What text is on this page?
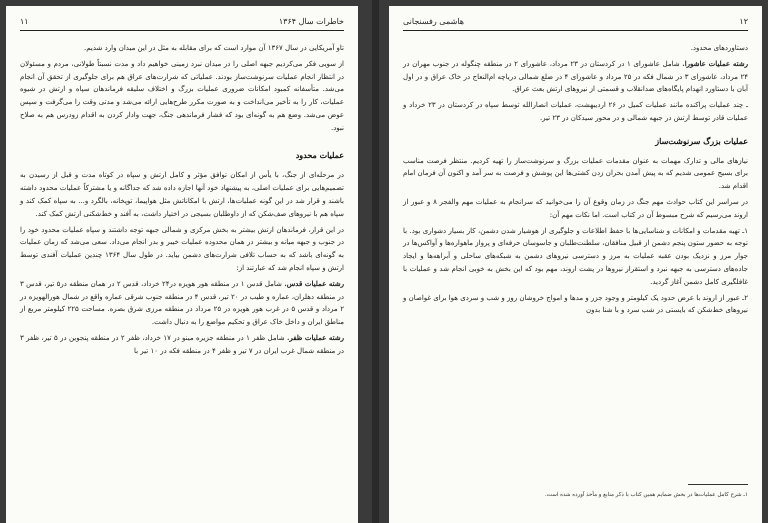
۱۱	خاطرات سال ۱۳۶۴

تاو آمریکایی در سال ۱۳۶۷ آن موارد است که برای مقابله به مثل در این میدان وارد شدیم.

از سویی فکر می‌کردیم جبهه اصلی را در میدان نبرد زمینی خواهیم داد و مدت نسبتاً طولانی، مردم و مسئولان در انتظار انجام عملیات سرنوشت‌ساز بودند. عملیاتی که شرارت‌های عراق هم برای جلوگیری از تحقق آن انجام می‌شد. متأسفانه کمبود امکانات ضروری عملیات بزرگ و اختلاف سلیقه فرماندهان سپاه و ارتش در شیوه عملیات، کار را به تأخیر می‌انداخت و به صورت مکرر طرح‌هایی ارائه می‌شد و مدتی وقت را می‌گرفت و سپس عوض می‌شد. وضع هم به گونه‌ای بود که فشار فرماندهی جنگ، جهت وادار کردن به اقدام زودرس هم به صلاح نبود.

عملیات محدود

در مرحله‌ای از جنگ، با یأس از امکان توافق مؤثر و کامل ارتش و سپاه در کوتاه مدت و قبل از رسیدن به تصمیم‌هایی برای عملیات اصلی، به پیشنهاد خود آنها اجازه داده شد که جداگانه و یا مشترکاً عملیات محدود داشته باشند و قرار شد در این گونه عملیات‌ها، ارتش با امکاناتش مثل هواپیما، توپخانه، بالگرد و... به سپاه کمک کند و سپاه هم با نیروهای صف‌شکن که از داوطلبان بسیجی در اختیار داشت، به آفند و خط‌شکنی ارتش کمک کند.

در این قرار، فرماندهان ارتش بیشتر به بخش مرکزی و شمالی جبهه توجه داشتند و سپاه عملیات محدود خود را در جنوب و جبهه میانه و بیشتر در همان محدوده عملیات خیبر و بدر انجام می‌داد. سعی می‌شد که زمان عملیات به گونه‌ای باشد که به حساب تلافی شرارت‌های دشمن بیاید. در طول سال ۱۳۶۴ چندین عملیات آفندی توسط ارتش و سپاه انجام شد که عبارتند از:

رشته عملیات قدس. شامل قدس ۱ در منطقه هور هویزه در۲۴ خرداد، قدس ۲ در همان منطقه در۵ تیر، قدس ۳ در منطقه دهلران، عماره و طیب در ۲۰ تیر، قدس ۴ در منطقه جنوب شرقی عماره واقع در شمال هورالهویزه در ۲ مرداد و قدس ۵ در غرب هور هویزه در ۲۵ مرداد در منطقه مرزی شرق بصره. مساحت ۲۲۵ کیلومتر مربع از مناطق ایران و داخل خاک عراق و تحکیم مواضع را به دنبال داشت.

رشته عملیات ظفر. شامل ظفر ۱ در منطقه جزیره مینو در ۱۷ خرداد، ظفر ۲ در منطقه پنجوین در ۵ تیر، ظفر ۳ در منطقه شمال غرب ایران در ۷ تیر و ظفر ۴ در منطقه فکه در ۱۰ تیر با

۱۲
هاشمی رفسنجانی

دستاوردهای محدود.

رشته عملیات عاشورا. شامل عاشورای ۱ در کردستان در ۲۳ مرداد، عاشورای ۲ در منطقه چنگوله در جنوب مهران در ۲۴ مرداد، عاشورای ۳ در شمال فکه در ۲۵ مرداد و عاشورای ۴ در ضلع شمالی دریاچه ام‌النعاج در خاک عراق و در اول آبان با دستاورد انهدام پایگاه‌های ضدانقلاب و قسمتی از نیروهای ارتش بعث عراق.

ـ چند عملیات پراکنده مانند عملیات کمیل در ۲۶ اردیبهشت، عملیات انصارالله توسط سپاه در کردستان در ۲۳ خرداد و عملیات قادر توسط ارتش در جبهه شمالی و در محور سیدکان در ۲۳ تیر.

عملیات بزرگ سرنوشت‌ساز

نیازهای مالی و تدارک مهمات به عنوان مقدمات عملیات بزرگ و سرنوشت‌ساز را تهیه کردیم. منتظر فرصت مناسب برای بسیج عمومی شدیم که به پیش آمدن بحران زدن کشتی‌ها این پوشش و فرصت به سر آمد و اکنون آن فرمان امام اقدام شد.

در سراسر این کتاب حوادث مهم جنگ در زمان وقوع آن را می‌خوانید که سرانجام به عملیات مهم والفجر ۸ و عبور از اروند می‌رسیم که شرح مبسوط آن در کتاب است. اما نکات مهم آن:

۱ـ تهیه مقدمات و امکانات و شناسایی‌ها با حفظ اطلاعات و جلوگیری از هوشیار شدن دشمن، کار بسیار دشواری بود. با توجه به حضور ستون پنجم دشمن از قبیل منافقان، سلطنت‌طلبان و جاسوسان حرفه‌ای و پرواز ماهواره‌ها و آواکس‌ها در جوار مرز و نزدیک بودن عقبه عملیات به مرز و دسترسی نیروهای دشمن به شبکه‌های ساحلی و آبراهه‌ها و ایجاد جاده‌های دسترسی به جبهه نبرد و استقرار نیروها در پشت اروند، مهم بود که این بخش به خوبی انجام شد و عملیات با غافلگیری کامل دشمن آغاز گردید.

۲ـ عبور از اروند با عرض حدود یک کیلومتر و وجود جزر و مدها و امواج خروشان روز و شب و سردی هوا برای غواصان و نیروهای خط‌شکن که بایستی در شب سرد و با شنا بدون

۱ـ شرح کامل عملیات‌ها در بخش ضمایم همین کتاب با ذکر منابع و مأخذ آورده شده است.
